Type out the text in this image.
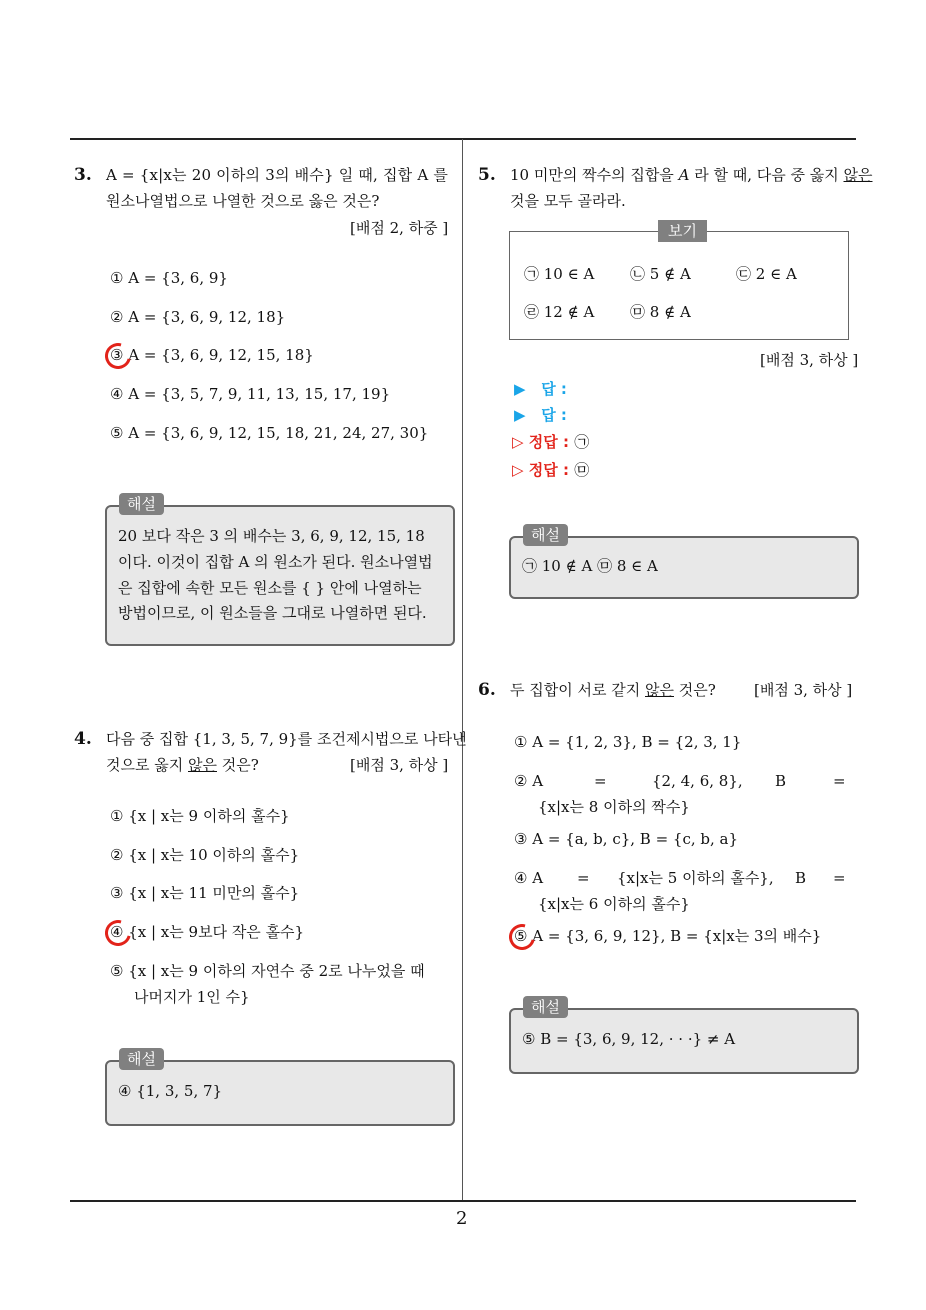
2
3. A = {x|x는 20 이하의 3의 배수} 일 때, 집합 A 를
원소나열법으로 나열한 것으로 옳은 것은?
[배점 2, 하중 ]
① A = {3, 6, 9}
② A = {3, 6, 9, 12, 18}
③ A = {3, 6, 9, 12, 15, 18}
④ A = {3, 5, 7, 9, 11, 13, 15, 17, 19}
⑤ A = {3, 6, 9, 12, 15, 18, 21, 24, 27, 30}
해설
20 보다 작은 3 의 배수는 3, 6, 9, 12, 15, 18
이다. 이것이 집합 A 의 원소가 된다. 원소나열법
은 집합에 속한 모든 원소를 { } 안에 나열하는
방법이므로, 이 원소들을 그대로 나열하면 된다.
4. 다음 중 집합 {1, 3, 5, 7, 9}를 조건제시법으로 나타낸
것으로 옳지 않은 것은?	[배점 3, 하상 ]
① {x | x는 9 이하의 홀수}
② {x | x는 10 이하의 홀수}
③ {x | x는 11 미만의 홀수}
④ {x | x는 9보다 작은 홀수}
⑤ {x | x는 9 이하의 자연수 중 2로 나누었을 때
나머지가 1인 수}
해설
④ {1, 3, 5, 7}
5. 10 미만의 짝수의 집합을 A 라 할 때, 다음 중 옳지 않은
것을 모두 골라라.
보기
㉠ 10 ∈ A ㉡ 5 ∉ A	㉢ 2 ∈ A
㉣ 12 ∉ A ㉤ 8 ∉ A
[배점 3, 하상 ]
▶ 답 :
▶ 답 :
▷ 정답 : ㉠
▷ 정답 : ㉤
해설
㉠ 10 ∉ A ㉤ 8 ∈ A
6. 두 집합이 서로 같지 않은 것은?	[배점 3, 하상 ]
① A = {1, 2, 3}, B = {2, 3, 1}
② A	=	{2, 4, 6, 8}, B	=
{x|x는 8 이하의 짝수}
③ A = {a, b, c}, B = {c, b, a}
④ A = {x|x는 5 이하의 홀수}, B =
{x|x는 6 이하의 홀수}
⑤ A = {3, 6, 9, 12}, B = {x|x는 3의 배수}
해설
⑤ B = {3, 6, 9, 12, · · ·} ≠ A
